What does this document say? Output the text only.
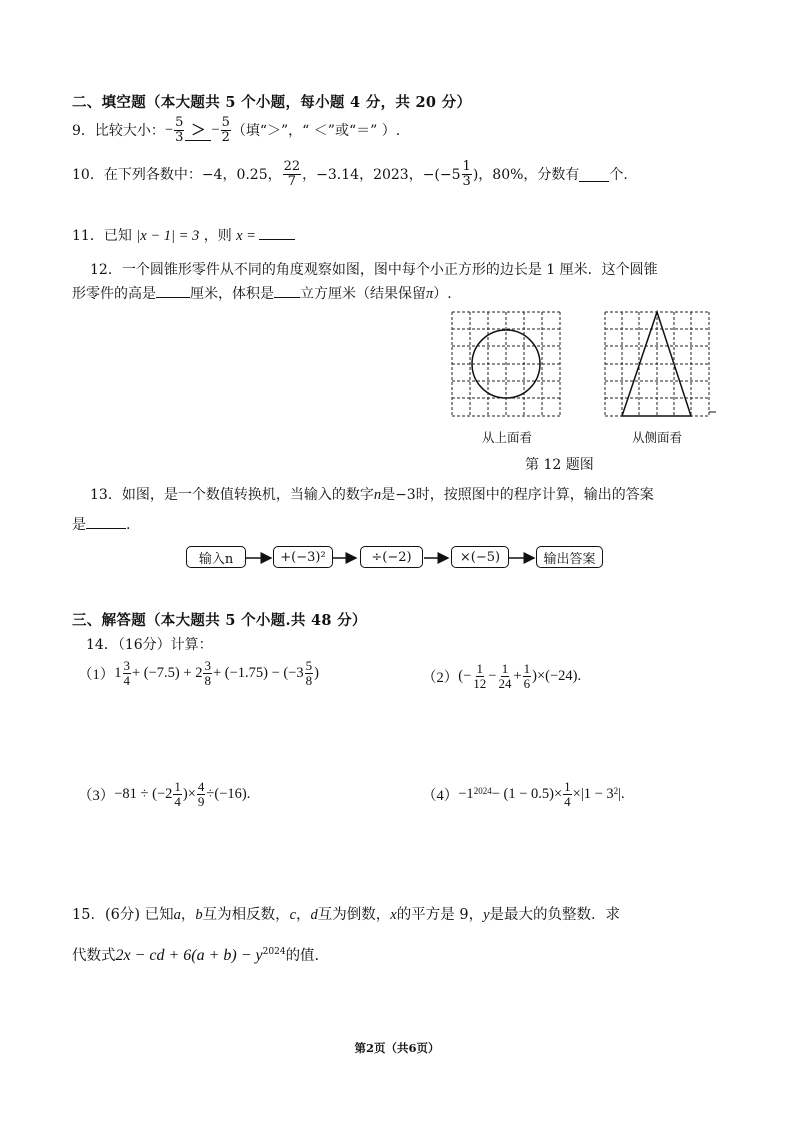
二、填空题（本大题共 5 个小题，每小题 4 分，共 20 分）
9．比较大小： − $\frac{5}{3}$ ＞ − $\frac{5}{2}$ （填“＞”，“ ＜”或“＝” ）.
10．在下列各数中：−4，0.25， $\frac{22}{7}$ ，−3.14，2023，$-(-5 \frac{1}{3}$ )，80%，分数有 个.
11．已知 |x − 1| = 3 ，则 x =
12．一个圆锥形零件从不同的角度观察如图，图中每个小正方形的边长是 1 厘米．这个圆锥
形零件的高是 厘米，体积是 立方厘米（结果保留π）.
从上面看	从侧面看
第 12 题图
13．如图，是一个数值转换机，当输入的数字n是−3时，按照图中的程序计算，输出的答案
是	.
输入n	+(−3)²	÷(−2)	×(−5)	输出答案
三、解答题（本大题共 5 个小题.共 48 分）
14．（16分）计算：
（1） $1 \frac{3}{4} + (-7.5) + 2 \frac{3}{8} + (-1.75) - (-3 \frac{5}{8}$ )	（2） (− $\frac{1}{12} - \frac{1}{24} + \frac{1}{6} )\times(-24)$.
$(3) -81 \div (-2 \frac{1}{4}$ )× $\frac{4}{9} \div(-16)$.	$(4) -1^{2024} - (1 - 0.5)\times \frac{1}{4} \times|1 - 3^2$ |.
15．(6分) 已知a，b互为相反数，c，d互为倒数，x的平方是 9，y是最大的负整数．求
代数式2x − cd + $6(a + b) - y^{2024}$的值.
第2页（共6页）
